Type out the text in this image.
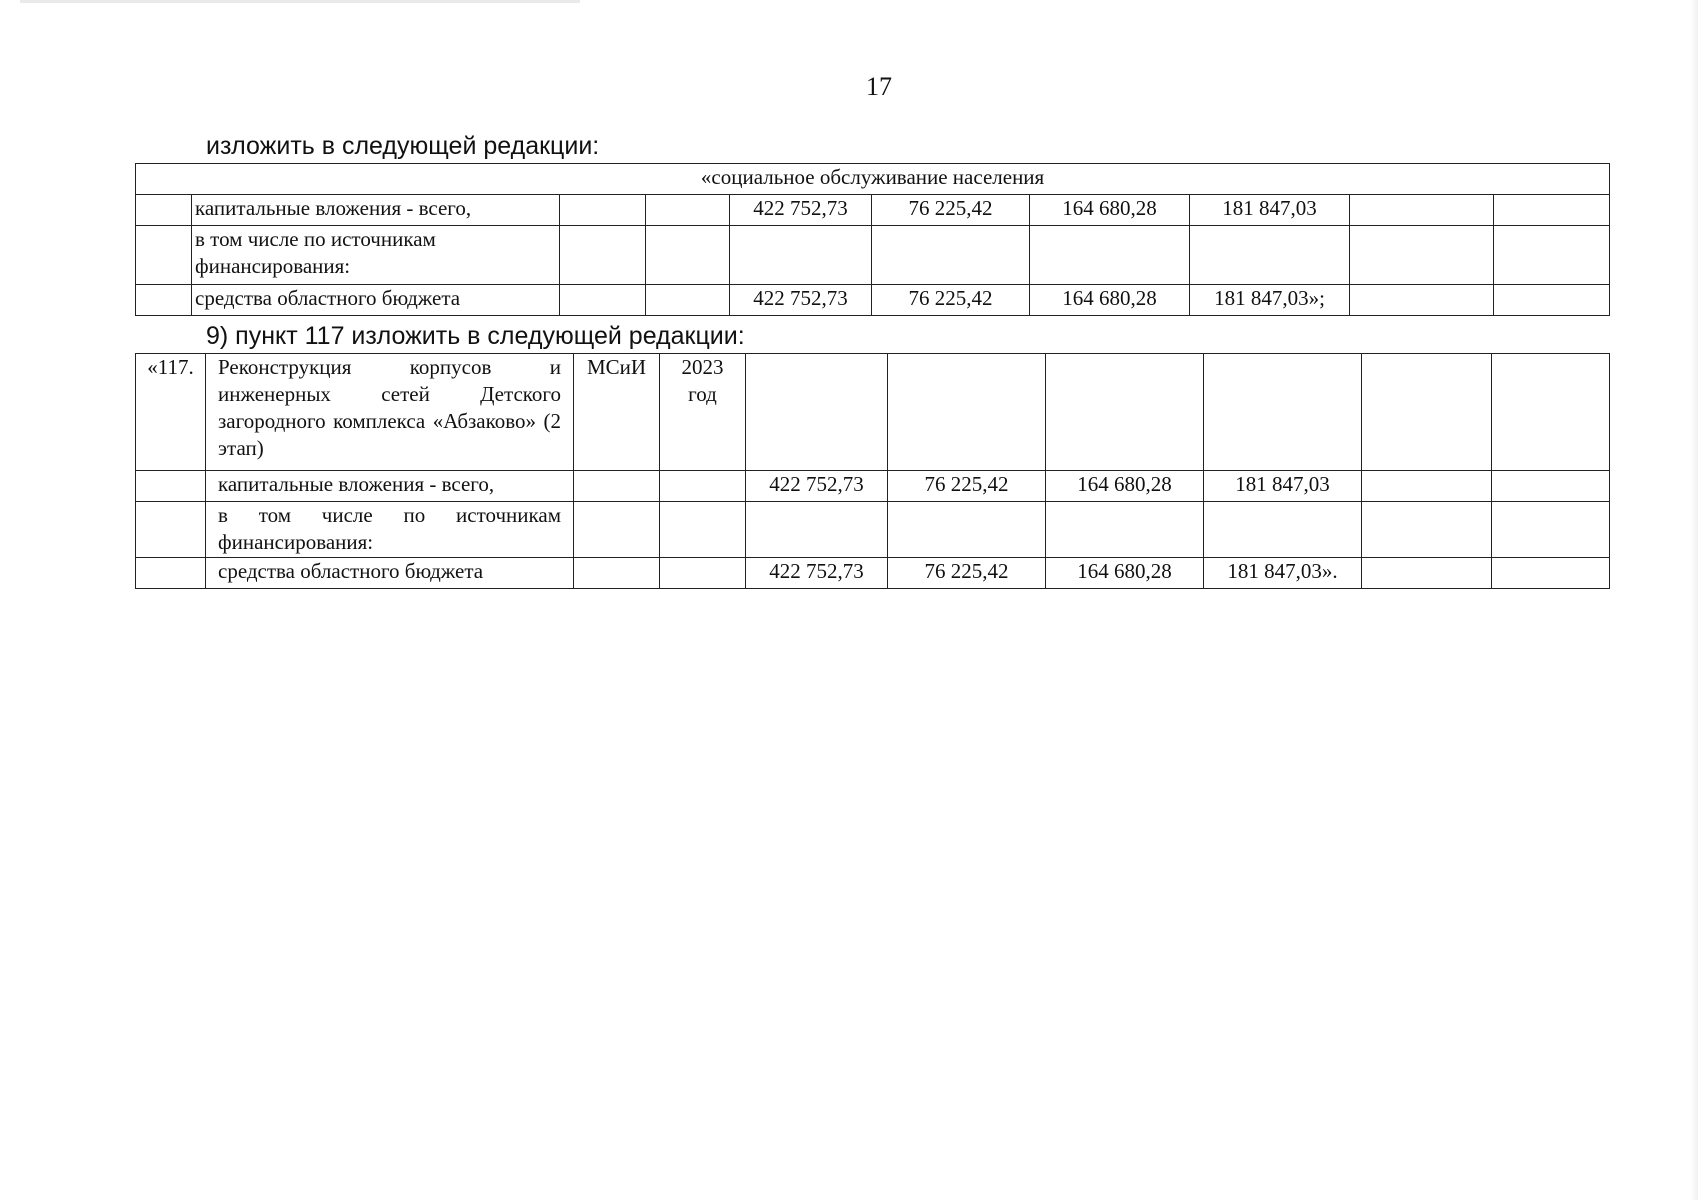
17
изложить в следующей редакции:
«социальное обслуживание населения									
	капитальные вложения - всего,			422 752,73	76 225,42	164 680,28	181 847,03		
	в том числе по источникам финансирования:								
	средства областного бюджета			422 752,73	76 225,42	164 680,28	181 847,03»;		
9) пункт 117 изложить в следующей редакции:
«117.	Реконструкция корпусов и инженерных сетей Детского загородного комплекса «Абзаково» (2 этап)	МСиИ	2023 год						
	капитальные вложения - всего,			422 752,73	76 225,42	164 680,28	181 847,03		
	в том числе по источникам финансирования:								
	средства областного бюджета			422 752,73	76 225,42	164 680,28	181 847,03».		
